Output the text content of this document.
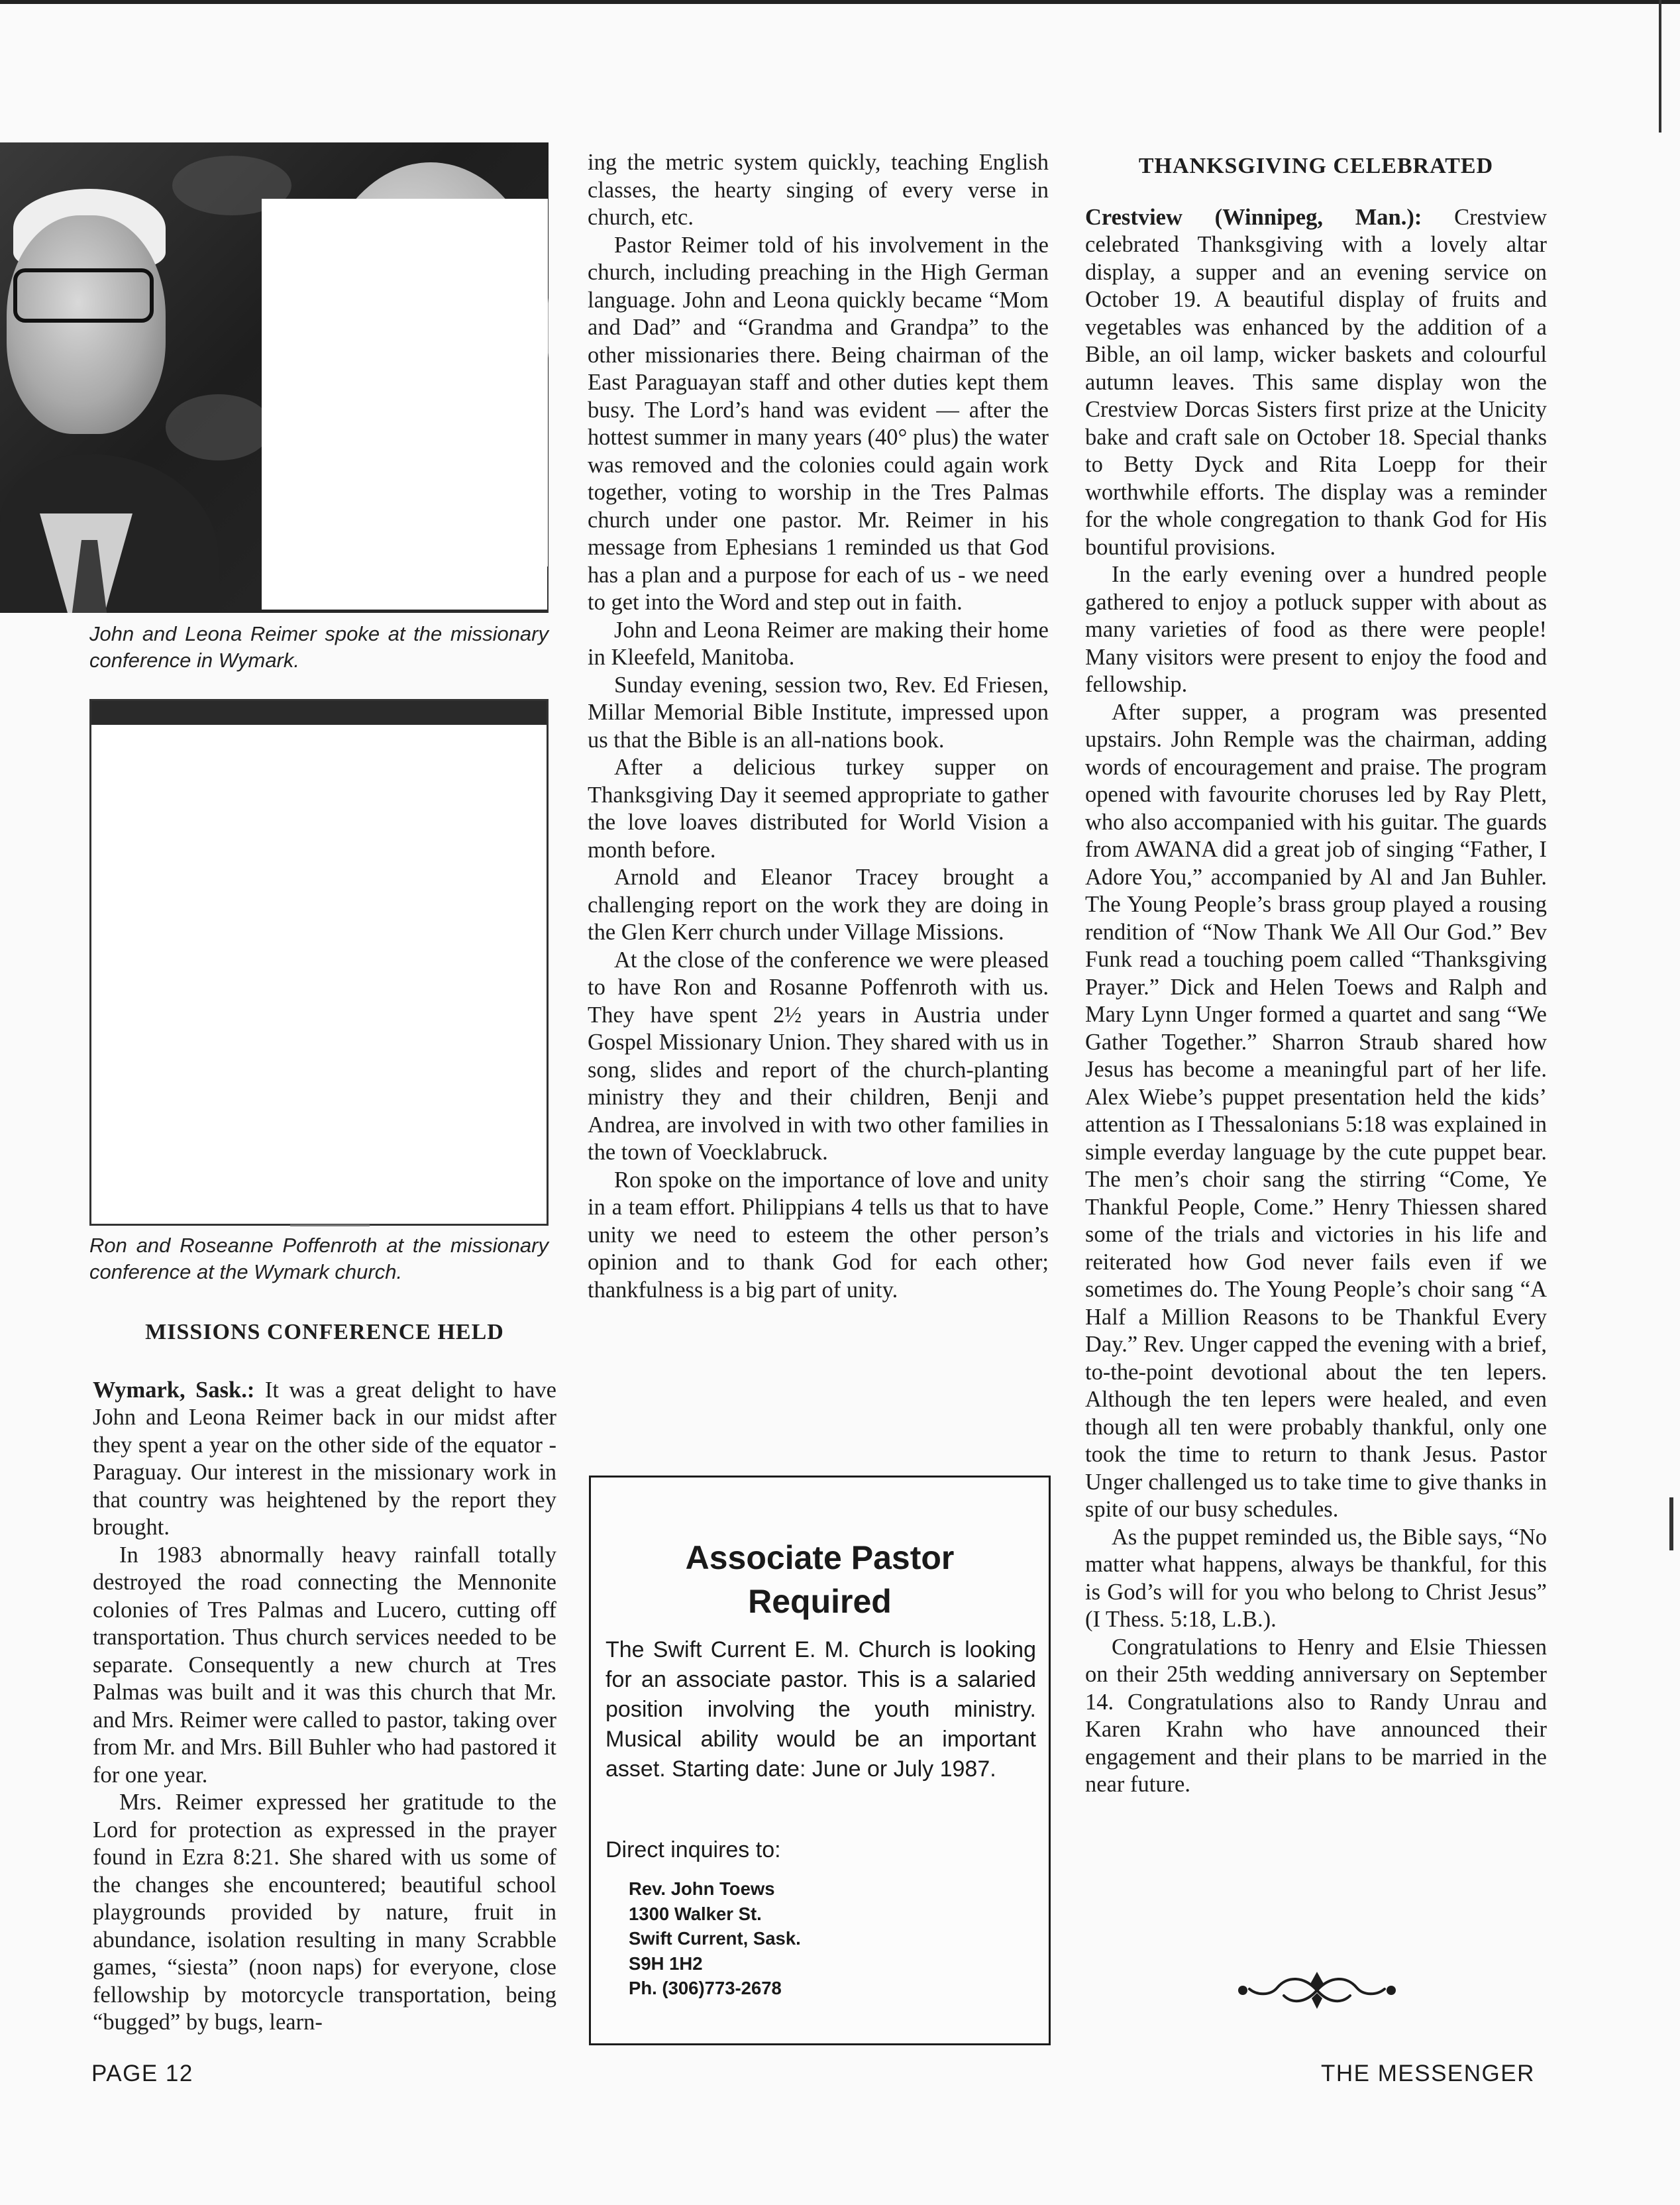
John and Leona Reimer spoke at the missionary conference in Wymark.
Ron and Roseanne Poffenroth at the missionary conference at the Wymark church.
MISSIONS CONFERENCE HELD

Wymark, Sask.: It was a great delight to have John and Leona Reimer back in our midst after they spent a year on the other side of the equator - Paraguay. Our interest in the missionary work in that country was heightened by the report they brought.

In 1983 abnormally heavy rainfall totally destroyed the road connecting the Mennonite colonies of Tres Palmas and Lucero, cutting off transportation. Thus church services needed to be separate. Consequently a new church at Tres Palmas was built and it was this church that Mr. and Mrs. Reimer were called to pastor, taking over from Mr. and Mrs. Bill Buhler who had pastored it for one year.

Mrs. Reimer expressed her gratitude to the Lord for protection as expressed in the prayer found in Ezra 8:21. She shared with us some of the changes she encountered; beautiful school playgrounds provided by nature, fruit in abundance, isolation resulting in many Scrabble games, “siesta” (noon naps) for everyone, close fellowship by motorcycle transportation, being “bugged” by bugs, learn-

ing the metric system quickly, teaching English classes, the hearty singing of every verse in church, etc.

Pastor Reimer told of his involvement in the church, including preaching in the High German language. John and Leona quickly became “Mom and Dad” and “Grandma and Grandpa” to the other missionaries there. Being chairman of the East Paraguayan staff and other duties kept them busy. The Lord’s hand was evident — after the hottest summer in many years (40° plus) the water was removed and the colonies could again work together, voting to worship in the Tres Palmas church under one pastor. Mr. Reimer in his message from Ephesians 1 reminded us that God has a plan and a purpose for each of us - we need to get into the Word and step out in faith.

John and Leona Reimer are making their home in Kleefeld, Manitoba.

Sunday evening, session two, Rev. Ed Friesen, Millar Memorial Bible Institute, impressed upon us that the Bible is an all-nations book.

After a delicious turkey supper on Thanksgiving Day it seemed appropriate to gather the love loaves distributed for World Vision a month before.

Arnold and Eleanor Tracey brought a challenging report on the work they are doing in the Glen Kerr church under Village Missions.

At the close of the conference we were pleased to have Ron and Rosanne Poffenroth with us. They have spent 2½ years in Austria under Gospel Missionary Union. They shared with us in song, slides and report of the church-planting ministry they and their children, Benji and Andrea, are involved in with two other families in the town of Voecklabruck.

Ron spoke on the importance of love and unity in a team effort. Philippians 4 tells us that to have unity we need to esteem the other person’s opinion and to thank God for each other; thankfulness is a big part of unity.

Associate Pastor
Required

The Swift Current E. M. Church is looking for an associate pastor. This is a salaried position involving the youth ministry. Musical ability would be an important asset. Starting date: June or July 1987.

Direct inquires to:

Rev. John Toews
1300 Walker St.
Swift Current, Sask.
S9H 1H2
Ph. (306)773-2678

THANKSGIVING CELEBRATED

Crestview (Winnipeg, Man.): Crestview celebrated Thanksgiving with a lovely altar display, a supper and an evening service on October 19. A beautiful display of fruits and vegetables was enhanced by the addition of a Bible, an oil lamp, wicker baskets and colourful autumn leaves. This same display won the Crestview Dorcas Sisters first prize at the Unicity bake and craft sale on October 18. Special thanks to Betty Dyck and Rita Loepp for their worthwhile efforts. The display was a reminder for the whole congregation to thank God for His bountiful provisions.

In the early evening over a hundred people gathered to enjoy a potluck supper with about as many varieties of food as there were people! Many visitors were present to enjoy the food and fellowship.

After supper, a program was presented upstairs. John Remple was the chairman, adding words of encouragement and praise. The program opened with favourite choruses led by Ray Plett, who also accompanied with his guitar. The guards from AWANA did a great job of singing “Father, I Adore You,” accompanied by Al and Jan Buhler. The Young People’s brass group played a rousing rendition of “Now Thank We All Our God.” Bev Funk read a touching poem called “Thanksgiving Prayer.” Dick and Helen Toews and Ralph and Mary Lynn Unger formed a quartet and sang “We Gather Together.” Sharron Straub shared how Jesus has become a meaningful part of her life. Alex Wiebe’s puppet presentation held the kids’ attention as I Thessalonians 5:18 was explained in simple everday language by the cute puppet bear. The men’s choir sang the stirring “Come, Ye Thankful People, Come.” Henry Thiessen shared some of the trials and victories in his life and reiterated how God never fails even if we sometimes do. The Young People’s choir sang “A Half a Million Reasons to be Thankful Every Day.” Rev. Unger capped the evening with a brief, to-the-point devotional about the ten lepers. Although the ten lepers were healed, and even though all ten were probably thankful, only one took the time to return to thank Jesus. Pastor Unger challenged us to take time to give thanks in spite of our busy schedules.

As the puppet reminded us, the Bible says, “No matter what happens, always be thankful, for this is God’s will for you who belong to Christ Jesus” (I Thess. 5:18, L.B.).

Congratulations to Henry and Elsie Thiessen on their 25th wedding anniversary on September 14. Congratulations also to Randy Unrau and Karen Krahn who have announced their engagement and their plans to be married in the near future.

PAGE 12	THE MESSENGER
